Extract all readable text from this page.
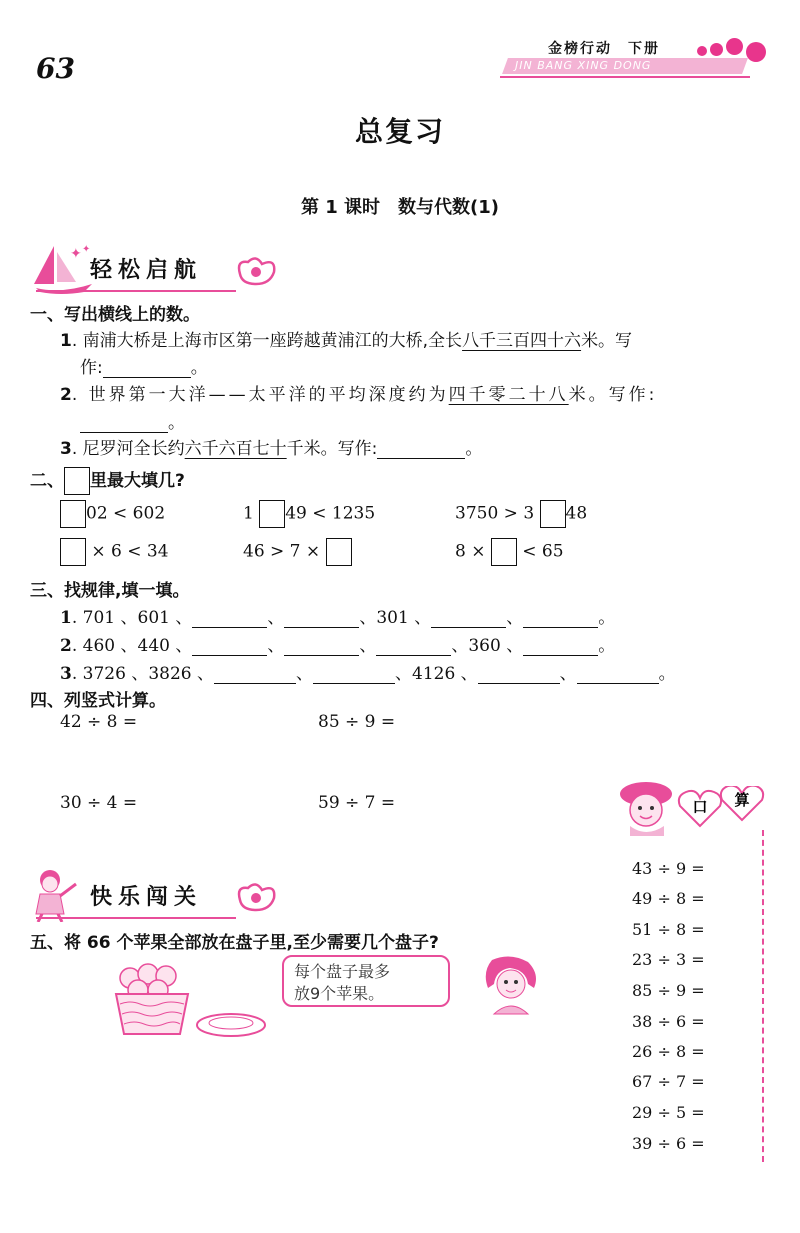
63
金榜行动　下册
JIN BANG XING DONG
总复习
第 1 课时　数与代数(1)
✦ ✦
轻松启航
一、写出横线上的数。
1. 南浦大桥是上海市区第一座跨越黄浦江的大桥,全长八千三百四十六米。写
作:	。
2. 世界第一大洋——太平洋的平均深度约为四千零二十八米。写作:
。
3. 尼罗河全长约六千六百七十千米。写作:	。
二、 里最大填几?
02 < 602	1 49 < 1235	3750 > 3 48
× 6 < 34	46 > 7 ×	8 ×  < 65
三、找规律,填一填。
1. 701 、601 、	、	、301 、	、	。
2. 460 、440 、	、	、	、360 、	。
3. 3726 、3826 、	、	、4126 、	、	。
四、列竖式计算。
42 ÷ 8 =	85 ÷ 9 =
30 ÷ 4 =	59 ÷ 7 =	口 算
43 ÷ 9 =
49 ÷ 8 =
51 ÷ 8 =
23 ÷ 3 =
85 ÷ 9 =
38 ÷ 6 =
26 ÷ 8 =
67 ÷ 7 =
29 ÷ 5 =
39 ÷ 6 =
快乐闯关
五、将 66 个苹果全部放在盘子里,至少需要几个盘子?
每个盘子最多
放9个苹果。
